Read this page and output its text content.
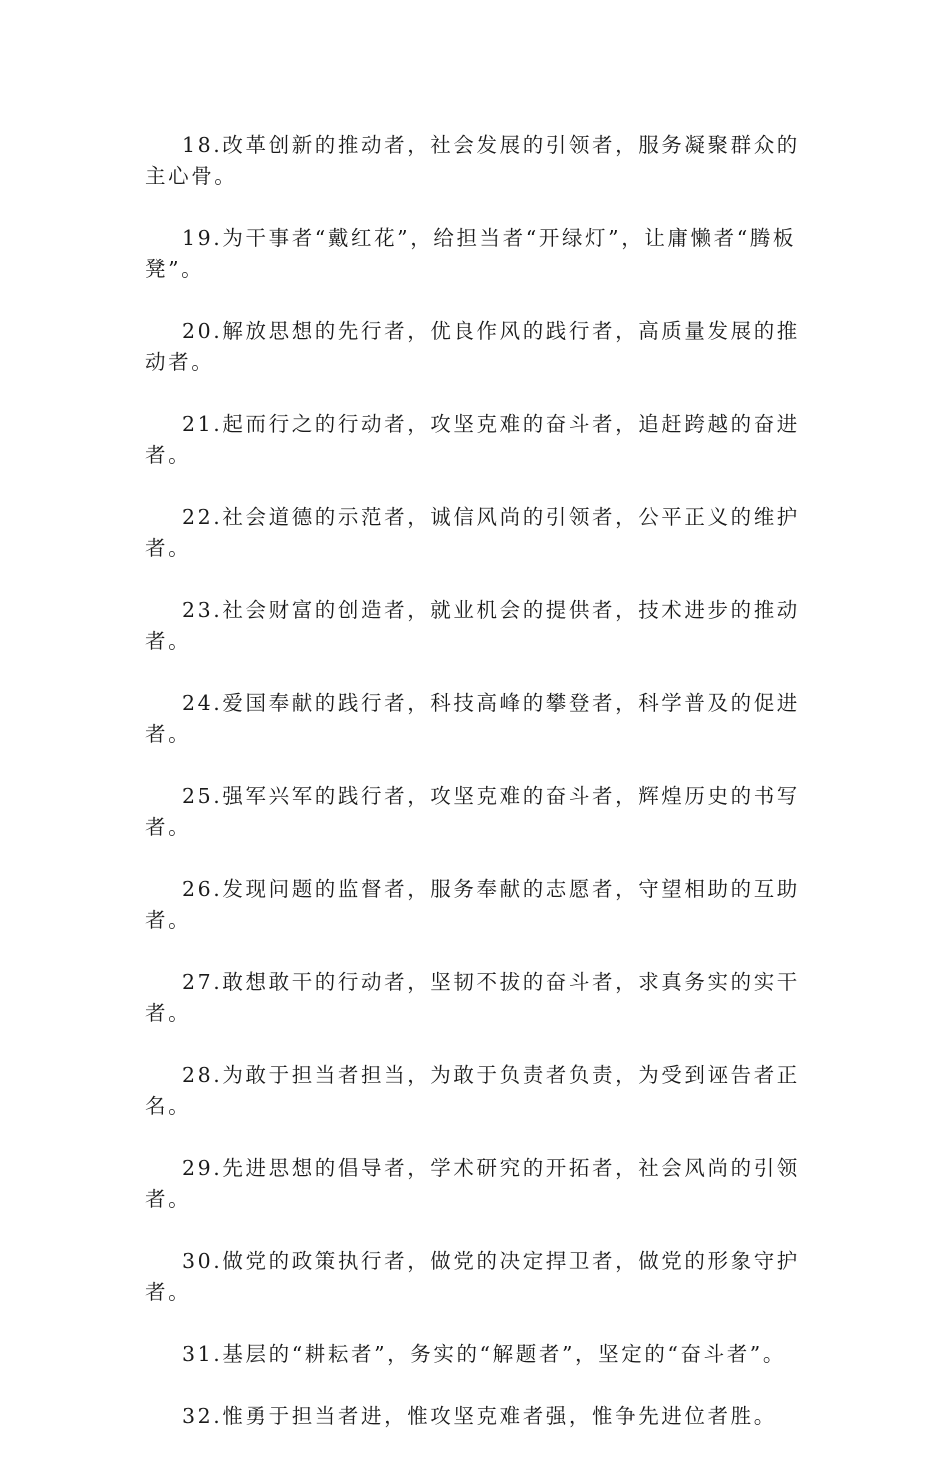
18.改革创新的推动者，社会发展的引领者，服务凝聚群众的主心骨。

19.为干事者“戴红花”，给担当者“开绿灯”，让庸懒者“腾板凳”。

20.解放思想的先行者，优良作风的践行者，高质量发展的推动者。

21.起而行之的行动者，攻坚克难的奋斗者，追赶跨越的奋进者。

22.社会道德的示范者，诚信风尚的引领者，公平正义的维护者。

23.社会财富的创造者，就业机会的提供者，技术进步的推动者。

24.爱国奉献的践行者，科技高峰的攀登者，科学普及的促进者。

25.强军兴军的践行者，攻坚克难的奋斗者，辉煌历史的书写者。

26.发现问题的监督者，服务奉献的志愿者，守望相助的互助者。

27.敢想敢干的行动者，坚韧不拔的奋斗者，求真务实的实干者。

28.为敢于担当者担当，为敢于负责者负责，为受到诬告者正名。

29.先进思想的倡导者，学术研究的开拓者，社会风尚的引领者。

30.做党的政策执行者，做党的决定捍卫者，做党的形象守护者。

31.基层的“耕耘者”，务实的“解题者”，坚定的“奋斗者”。

32.惟勇于担当者进，惟攻坚克难者强，惟争先进位者胜。
